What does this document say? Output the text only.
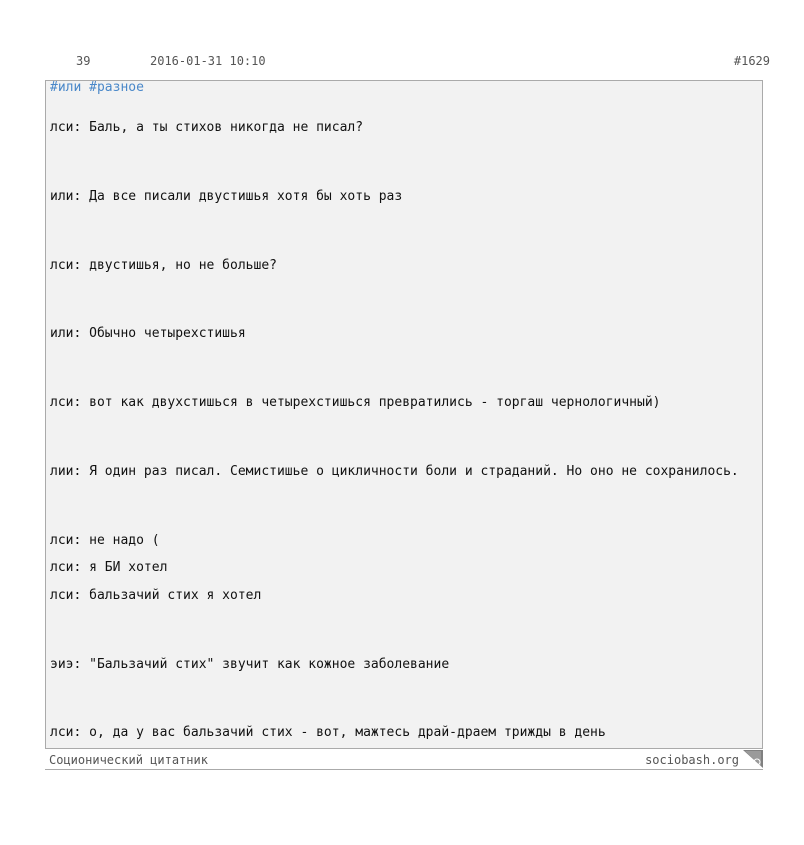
39	2016-01-31 10:10	#1629
#или #разное
лси: Баль, а ты стихов никогда не писал?
или: Да все писали двустишья хотя бы хоть раз
лси: двустишья, но не больше?
или: Обычно четырехстишья
лси: вот как двухстишься в четырехстишься превратились - торгаш чернологичный)
лии: Я один раз писал. Семистишье о цикличности боли и страданий. Но оно не сохранилось.
лси: не надо (
лси: я БИ хотел
лси: бальзачий стих я хотел
эиэ: "Бальзачий стих" звучит как кожное заболевание
лси: о, да у вас бальзачий стих - вот, мажтесь драй-драем трижды в день
Соционический цитатник	sociobash.org
